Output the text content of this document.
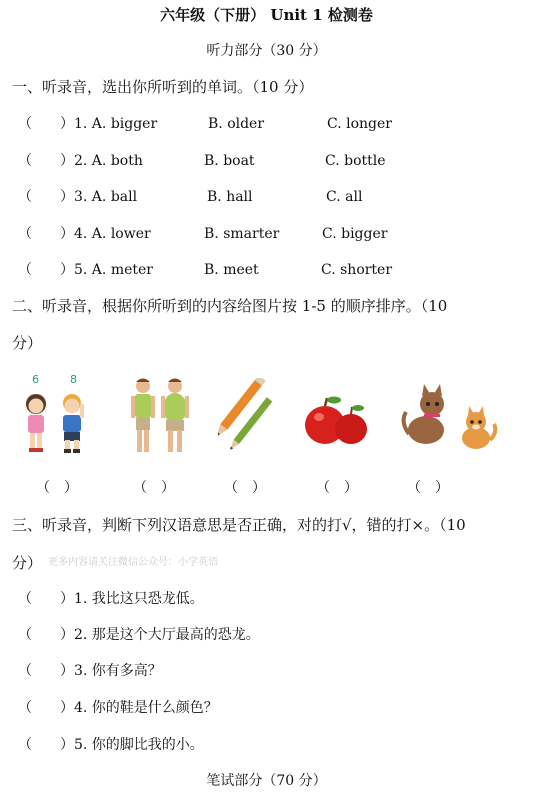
六年级（下册） Unit 1 检测卷
听力部分（30 分）
一、听录音，选出你所听到的单词。（10 分）
（　　） 1. A. bigger	B. older	C. longer
（　　） 2. A. both	B. boat	C. bottle
（　　） 3. A. ball	B. hall	C. all
（　　） 4. A. lower	B. smarter	C. bigger
（　　） 5. A. meter	B. meet	C. shorter
二、听录音，根据你所听到的内容给图片按 1-5 的顺序排序。（10
分）
6	8
（　）	（　）	（　）	（　）	（　）
三、听录音，判断下列汉语意思是否正确，对的打√，错的打×。（10
分） 更多内容请关注微信公众号：小学英语
（　　） 1. 我比这只恐龙低。
（　　） 2. 那是这个大厅最高的恐龙。
（　　） 3. 你有多高？
（　　） 4. 你的鞋是什么颜色？
（　　） 5. 你的脚比我的小。
笔试部分（70 分）
